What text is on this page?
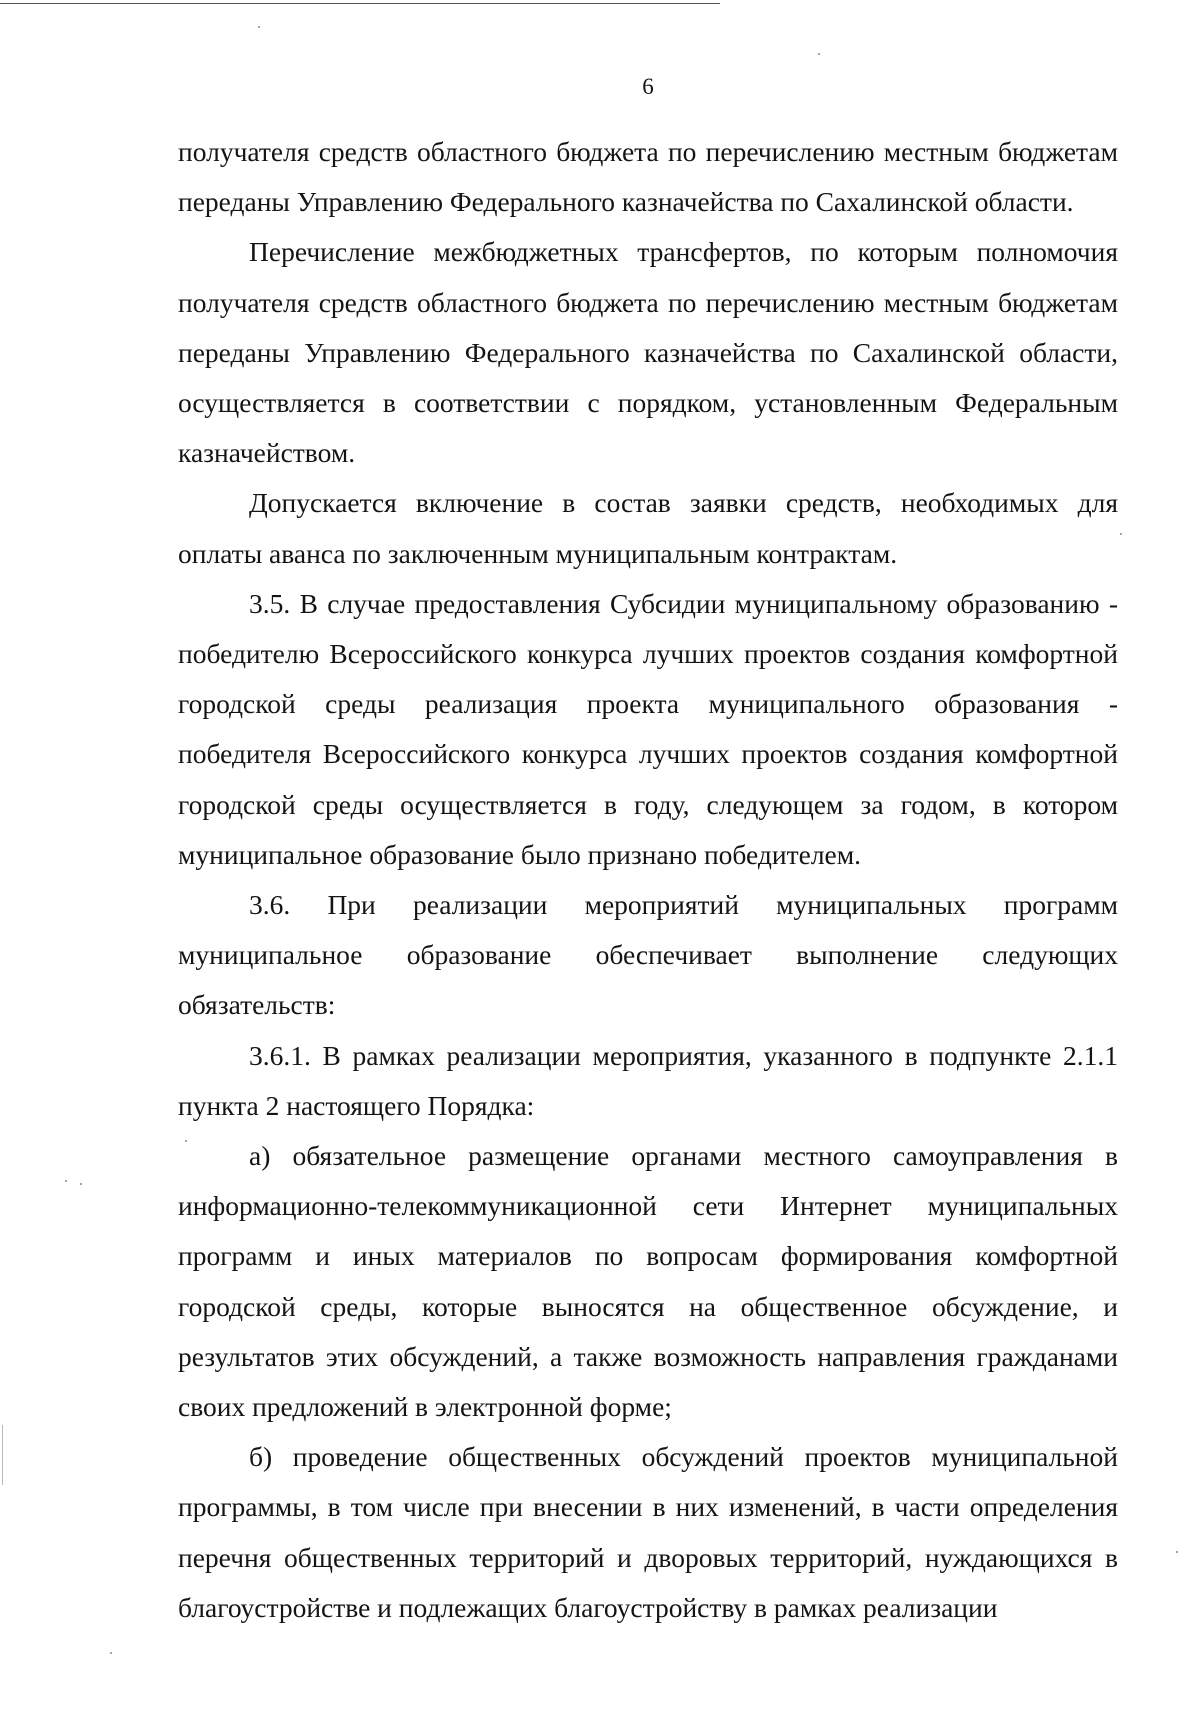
6

получателя средств областного бюджета по перечислению местным бюджетам переданы Управлению Федерального казначейства по Сахалинской области.

Перечисление межбюджетных трансфертов, по которым полномочия получателя средств областного бюджета по перечислению местным бюджетам переданы Управлению Федерального казначейства по Сахалинской области, осуществляется в соответствии с порядком, установленным Федеральным казначейством.

Допускается включение в состав заявки средств, необходимых для оплаты аванса по заключенным муниципальным контрактам.

3.5. В случае предоставления Субсидии муниципальному образованию - победителю Всероссийского конкурса лучших проектов создания комфортной городской среды реализация проекта муниципального образования - победителя Всероссийского конкурса лучших проектов создания комфортной городской среды осуществляется в году, следующем за годом, в котором муниципальное образование было признано победителем.

3.6. При реализации мероприятий муниципальных программ муниципальное образование обеспечивает выполнение следующих обязательств:

3.6.1. В рамках реализации мероприятия, указанного в подпункте 2.1.1 пункта 2 настоящего Порядка:

а) обязательное размещение органами местного самоуправления в информационно-телекоммуникационной сети Интернет муниципальных программ и иных материалов по вопросам формирования комфортной городской среды, которые выносятся на общественное обсуждение, и результатов этих обсуждений, а также возможность направления гражданами своих предложений в электронной форме;

б) проведение общественных обсуждений проектов муниципальной программы, в том числе при внесении в них изменений, в части определения перечня общественных территорий и дворовых территорий, нуждающихся в благоустройстве и подлежащих благоустройству в рамках реализации
